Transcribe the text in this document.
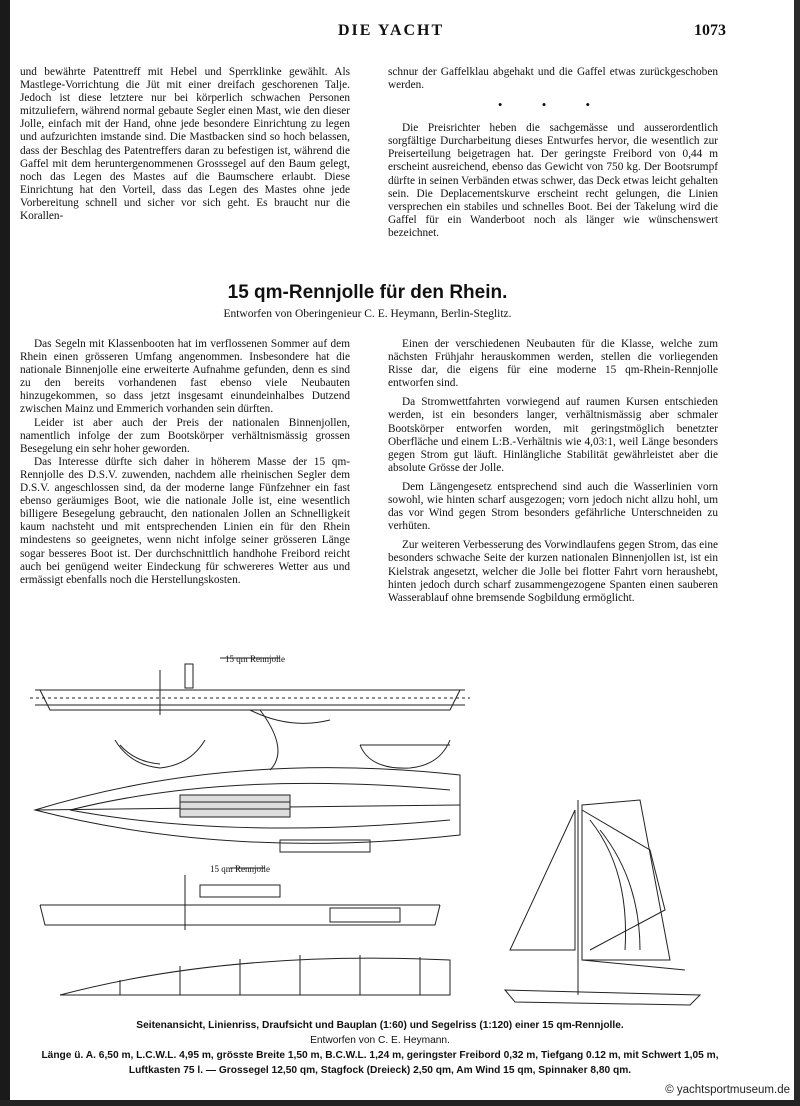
DIE YACHT	1073

und bewährte Patenttreff mit Hebel und Sperrklinke gewählt. Als Mastlege-Vorrichtung die Jüt mit einer dreifach geschorenen Talje. Jedoch ist diese letztere nur bei körperlich schwachen Personen mitzuliefern, während normal gebaute Segler einen Mast, wie den dieser Jolle, einfach mit der Hand, ohne jede besondere Einrichtung zu legen und aufzurichten imstande sind. Die Mastbacken sind so hoch belassen, dass der Beschlag des Patentreffers daran zu befestigen ist, während die Gaffel mit dem heruntergenommenen Grosssegel auf den Baum gelegt, noch das Legen des Mastes auf die Baumschere erlaubt. Diese Einrichtung hat den Vorteil, dass das Legen des Mastes ohne jede Vorbereitung schnell und sicher vor sich geht. Es braucht nur die Korallen-

schnur der Gaffelklau abgehakt und die Gaffel etwas zurückgeschoben werden.

• • •

Die Preisrichter heben die sachgemässe und ausserordentlich sorgfältige Durcharbeitung dieses Entwurfes hervor, die wesentlich zur Preiserteilung beigetragen hat. Der geringste Freibord von 0,44 m erscheint ausreichend, ebenso das Gewicht von 750 kg. Der Bootsrumpf dürfte in seinen Verbänden etwas schwer, das Deck etwas leicht gehalten sein. Die Deplacementskurve erscheint recht gelungen, die Linien versprechen ein stabiles und schnelles Boot. Bei der Takelung wird die Gaffel für ein Wanderboot noch als länger wie wünschenswert bezeichnet.

15 qm-Rennjolle für den Rhein.
Entworfen von Oberingenieur C. E. Heymann, Berlin-Steglitz.

Das Segeln mit Klassenbooten hat im verflossenen Sommer auf dem Rhein einen grösseren Umfang angenommen. Insbesondere hat die nationale Binnenjolle eine erweiterte Aufnahme gefunden, denn es sind zu den bereits vorhandenen fast ebenso viele Neubauten hinzugekommen, so dass jetzt insgesamt einundeinhalbes Dutzend zwischen Mainz und Emmerich vorhanden sein dürften.

Leider ist aber auch der Preis der nationalen Binnenjollen, namentlich infolge der zum Bootskörper verhältnismässig grossen Besegelung ein sehr hoher geworden.

Das Interesse dürfte sich daher in höherem Masse der 15 qm-Rennjolle des D.S.V. zuwenden, nachdem alle rheinischen Segler dem D.S.V. angeschlossen sind, da der moderne lange Fünfzehner ein fast ebenso geräumiges Boot, wie die nationale Jolle ist, eine wesentlich billigere Besegelung gebraucht, den nationalen Jollen an Schnelligkeit kaum nachsteht und mit entsprechenden Linien ein für den Rhein mindestens so geeignetes, wenn nicht infolge seiner grösseren Länge sogar besseres Boot ist. Der durchschnittlich handhohe Freibord reicht auch bei genügend weiter Eindeckung für schwereres Wetter aus und ermässigt ebenfalls noch die Herstellungskosten.

Einen der verschiedenen Neubauten für die Klasse, welche zum nächsten Frühjahr herauskommen werden, stellen die vorliegenden Risse dar, die eigens für eine moderne 15 qm-Rhein-Rennjolle entworfen sind.

Da Stromwettfahrten vorwiegend auf raumen Kursen entschieden werden, ist ein besonders langer, verhältnismässig aber schmaler Bootskörper entworfen worden, mit geringstmöglich benetzter Oberfläche und einem L:B.-Verhältnis wie 4,03:1, weil Länge besonders gegen Strom gut läuft. Hinlängliche Stabilität gewährleistet aber die absolute Grösse der Jolle.

Dem Längengesetz entsprechend sind auch die Wasserlinien vorn sowohl, wie hinten scharf ausgezogen; vorn jedoch nicht allzu hohl, um das vor Wind gegen Strom besonders gefährliche Unterschneiden zu verhüten.

Zur weiteren Verbesserung des Vorwindlaufens gegen Strom, das eine besonders schwache Seite der kurzen nationalen Binnenjollen ist, ist ein Kielstrak angesetzt, welcher die Jolle bei flotter Fahrt vorn heraushebt, hinten jedoch durch scharf zusammengezogene Spanten einen sauberen Wasserablauf ohne bremsende Sogbildung ermöglicht.

15 qm Rennjolle
15 qm Rennjolle
Seitenansicht, Linienriss, Draufsicht und Bauplan (1:60) und Segelriss (1:120) einer 15 qm-Rennjolle.
Entworfen von C. E. Heymann.
Länge ü. A. 6,50 m, L.C.W.L. 4,95 m, grösste Breite 1,50 m, B.C.W.L. 1,24 m, geringster Freibord 0,32 m, Tiefgang 0.12 m, mit Schwert 1,05 m,
Luftkasten 75 l. — Grossegel 12,50 qm, Stagfock (Dreieck) 2,50 qm, Am Wind 15 qm, Spinnaker 8,80 qm.
© yachtsportmuseum.de
